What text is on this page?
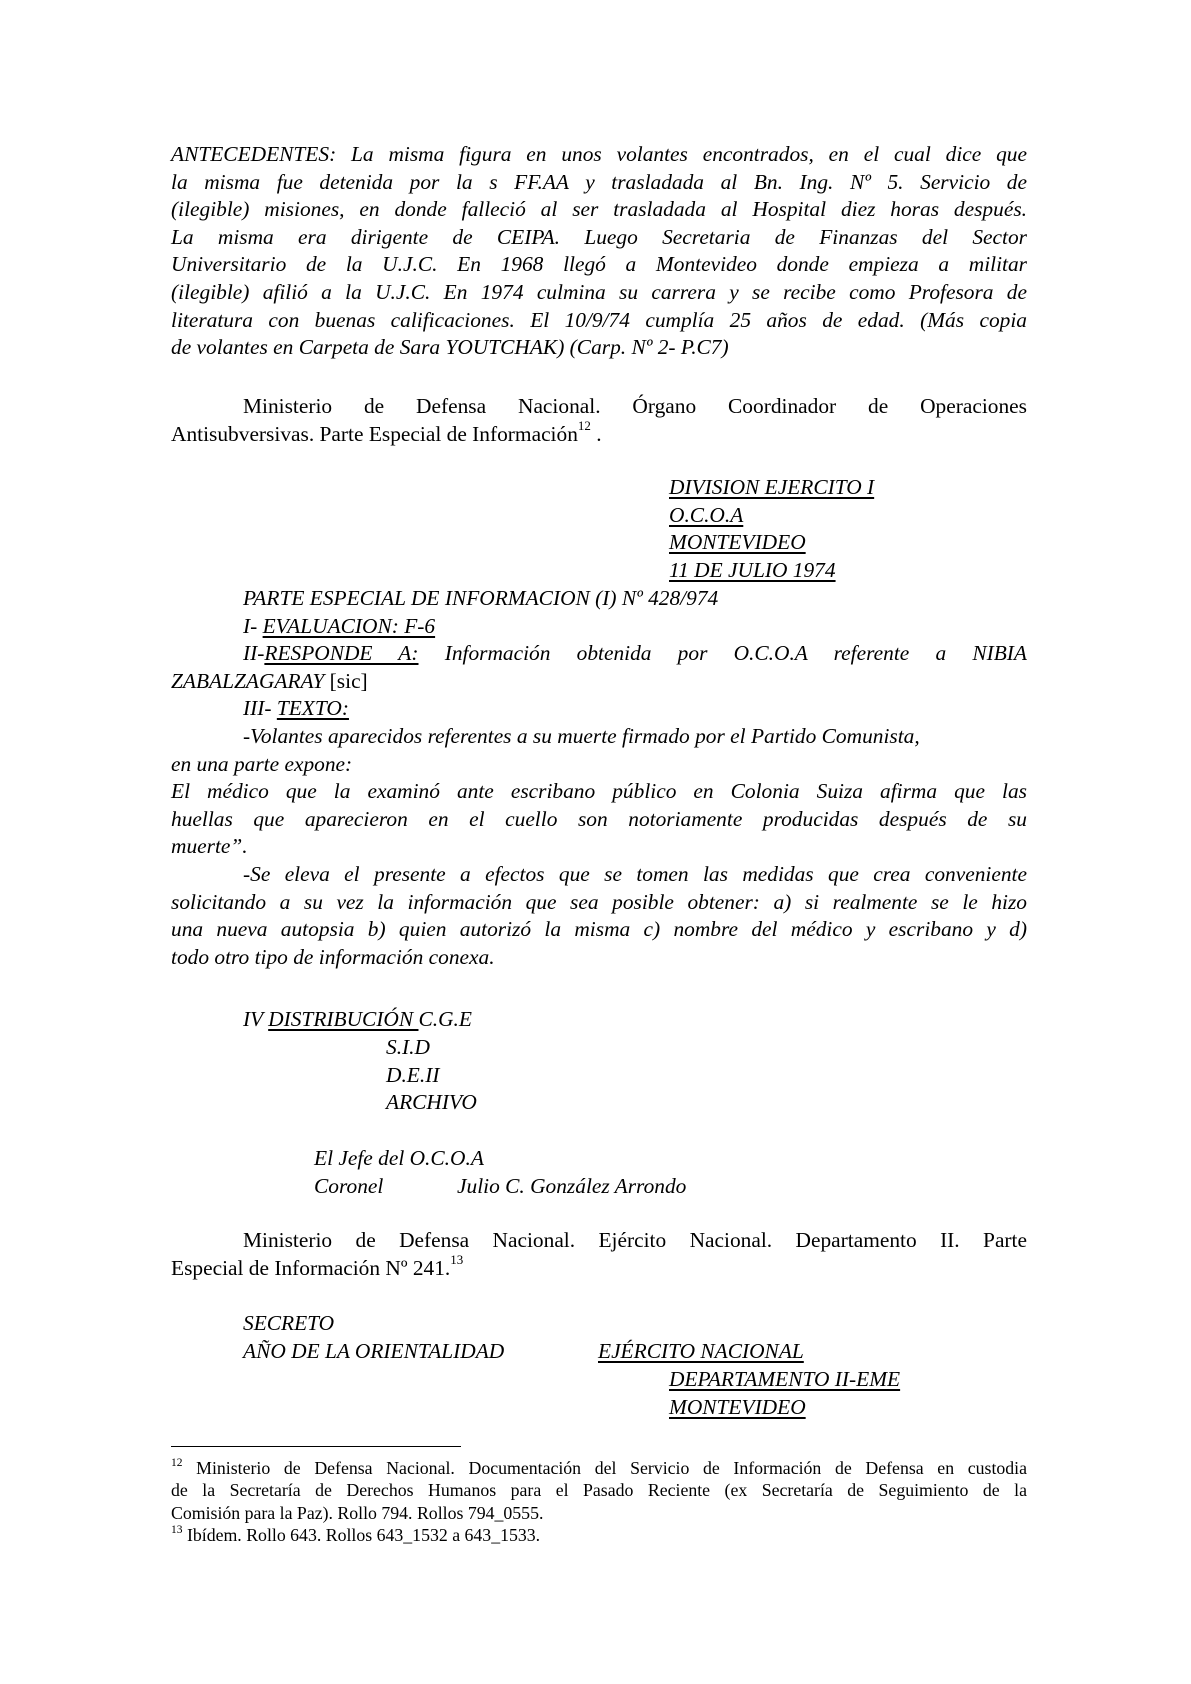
ANTECEDENTES: La misma figura en unos volantes encontrados, en el cual dice que
la misma fue detenida por la s FF.AA y trasladada al Bn. Ing. Nº 5. Servicio de
(ilegible) misiones, en donde falleció al ser trasladada al Hospital diez horas después.
La misma era dirigente de CEIPA. Luego Secretaria de Finanzas del Sector
Universitario de la U.J.C. En 1968 llegó a Montevideo donde empieza a militar
(ilegible) afilió a la U.J.C. En 1974 culmina su carrera y se recibe como Profesora de
literatura con buenas calificaciones. El 10/9/74 cumplía 25 años de edad. (Más copia
de volantes en Carpeta de Sara YOUTCHAK) (Carp. Nº 2- P.C7)
Ministerio de Defensa Nacional. Órgano Coordinador de Operaciones
Antisubversivas. Parte Especial de Información$^{12}$ .
DIVISION EJERCITO I
O.C.O.A
MONTEVIDEO
11 DE JULIO 1974
PARTE ESPECIAL DE INFORMACION (I) Nº 428/974
I- EVALUACION: F-6
II-RESPONDE A: Información obtenida por O.C.O.A referente a NIBIA
ZABALZAGARAY [sic]
III- TEXTO:
-Volantes aparecidos referentes a su muerte firmado por el Partido Comunista,
en una parte expone:
El médico que la examinó ante escribano público en Colonia Suiza afirma que las
huellas que aparecieron en el cuello son notoriamente producidas después de su
muerte”.
-Se eleva el presente a efectos que se tomen las medidas que crea conveniente
solicitando a su vez la información que sea posible obtener: a) si realmente se le hizo
una nueva autopsia b) quien autorizó la misma c) nombre del médico y escribano y d)
todo otro tipo de información conexa.
IV DISTRIBUCIÓN C.G.E
S.I.D
D.E.II
ARCHIVO
El Jefe del O.C.O.A
Coronel	Julio C. González Arrondo
Ministerio de Defensa Nacional. Ejército Nacional. Departamento II. Parte
Especial de Información Nº 241.13
SECRETO
AÑO DE LA ORIENTALIDAD	EJÉRCITO NACIONAL
DEPARTAMENTO II-EME
MONTEVIDEO
$^{12}$ Ministerio de Defensa Nacional. Documentación del Servicio de Información de Defensa en custodia
de la Secretaría de Derechos Humanos para el Pasado Reciente (ex Secretaría de Seguimiento de la
Comisión para la Paz). Rollo 794. Rollos 794_0555.
$^{13}$ Ibídem. Rollo 643. Rollos 643_1532 a 643_1533.
